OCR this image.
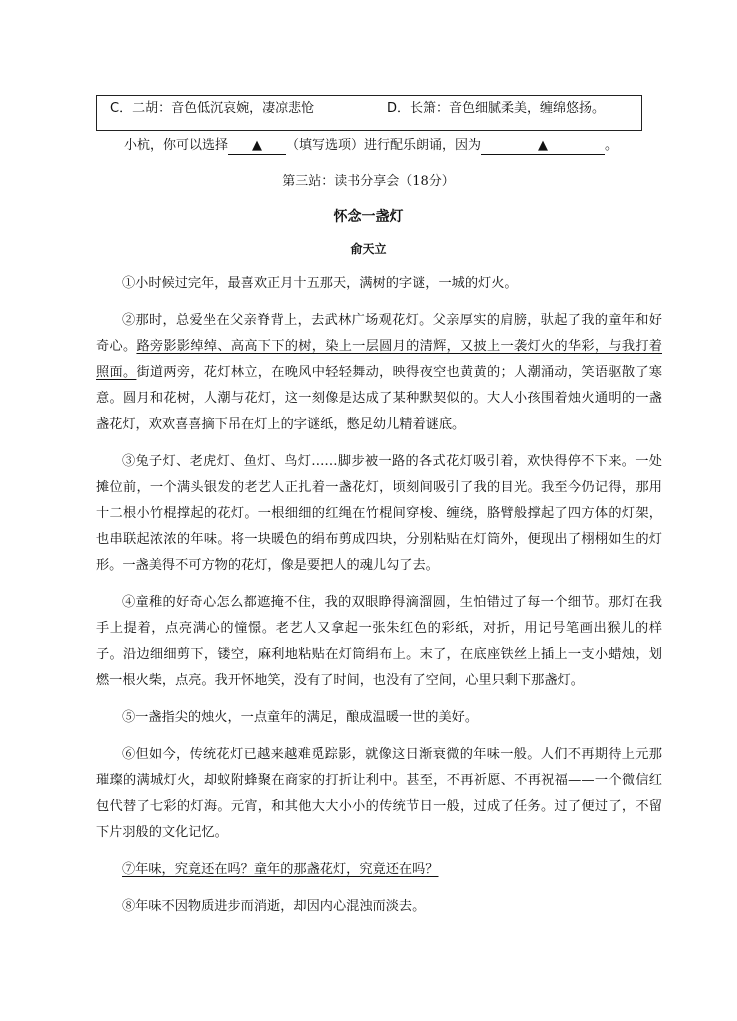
C．二胡：音色低沉哀婉，凄凉悲怆	D．长箫：音色细腻柔美，缠绵悠扬。
小杭，你可以选择 ▲ （填写选项）进行配乐朗诵，因为	▲	。
第三站：读书分享会（18分）
怀念一盏灯
俞天立

①小时候过完年，最喜欢正月十五那天，满树的字谜，一城的灯火。

②那时，总爱坐在父亲脊背上，去武林广场观花灯。父亲厚实的肩膀，驮起了我的童年和好奇心。路旁影影绰绰、高高下下的树，染上一层圆月的清辉，又披上一袭灯火的华彩，与我打着照面。街道两旁，花灯林立，在晚风中轻轻舞动，映得夜空也黄黄的；人潮涌动，笑语驱散了寒意。圆月和花树，人潮与花灯，这一刻像是达成了某种默契似的。大人小孩围着烛火通明的一盏盏花灯，欢欢喜喜摘下吊在灯上的字谜纸，憋足幼儿精着谜底。

③兔子灯、老虎灯、鱼灯、鸟灯……脚步被一路的各式花灯吸引着，欢快得停不下来。一处摊位前，一个满头银发的老艺人正扎着一盏花灯，顷刻间吸引了我的目光。我至今仍记得，那用十二根小竹棍撑起的花灯。一根细细的红绳在竹棍间穿梭、缠绕，胳臂般撑起了四方体的灯架，也串联起浓浓的年味。将一块暖色的绢布剪成四块，分别粘贴在灯筒外，便现出了栩栩如生的灯形。一盏美得不可方物的花灯，像是要把人的魂儿勾了去。

④童稚的好奇心怎么都遮掩不住，我的双眼睁得滴溜圆，生怕错过了每一个细节。那灯在我手上提着，点亮满心的憧憬。老艺人又拿起一张朱红色的彩纸，对折，用记号笔画出猴儿的样子。沿边细细剪下，镂空，麻利地粘贴在灯筒绢布上。末了，在底座铁丝上插上一支小蜡烛，划燃一根火柴，点亮。我开怀地笑，没有了时间，也没有了空间，心里只剩下那盏灯。

⑤一盏指尖的烛火，一点童年的满足，酿成温暖一世的美好。

⑥但如今，传统花灯已越来越难觅踪影，就像这日渐衰微的年味一般。人们不再期待上元那璀璨的满城灯火，却蚁附蜂聚在商家的打折让利中。甚至，不再祈愿、不再祝福——一个微信红包代替了七彩的灯海。元宵，和其他大大小小的传统节日一般，过成了任务。过了便过了，不留下片羽般的文化记忆。

⑦年味，究竟还在吗？童年的那盏花灯，究竟还在吗？

⑧年味不因物质进步而消逝，却因内心混浊而淡去。
